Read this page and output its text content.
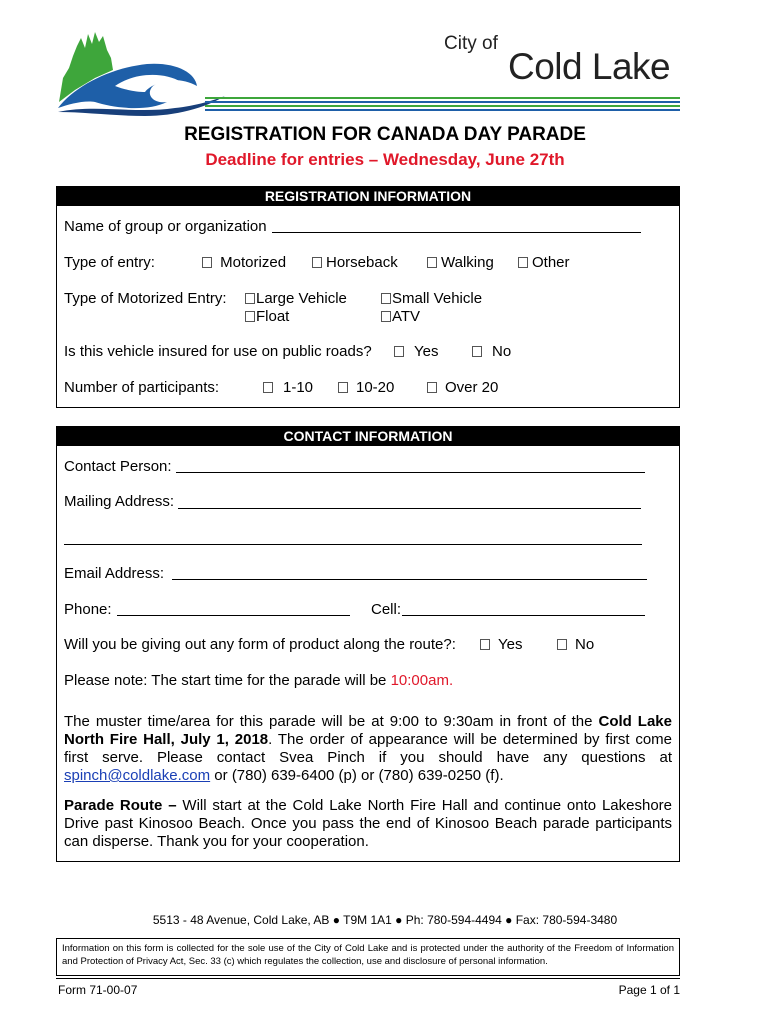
City of
Cold Lake
REGISTRATION FOR CANADA DAY PARADE
Deadline for entries – Wednesday, June 27th
REGISTRATION INFORMATION
Name of group or organization
Type of entry:	Motorized	Horseback	Walking	Other
Type of Motorized Entry:	Large Vehicle	Small Vehicle
Float	ATV
Is this vehicle insured for use on public roads?	Yes	No
Number of participants:	1-10	10-20	Over 20
CONTACT INFORMATION
Contact Person:
Mailing Address:
Email Address:
Phone:	Cell:
Will you be giving out any form of product along the route?:	Yes	No
Please note: The start time for the parade will be 10:00am.
The muster time/area for this parade will be at 9:00 to 9:30am in front of the Cold Lake North Fire Hall, July 1, 2018. The order of appearance will be determined by first come first serve. Please contact Svea Pinch if you should have any questions at spinch@coldlake.com or (780) 639-6400 (p) or (780) 639-0250 (f).
Parade Route – Will start at the Cold Lake North Fire Hall and continue onto Lakeshore Drive past Kinosoo Beach. Once you pass the end of Kinosoo Beach parade participants can disperse. Thank you for your cooperation.
5513 - 48 Avenue, Cold Lake, AB ● T9M 1A1 ● Ph: 780-594-4494 ● Fax: 780-594-3480
Information on this form is collected for the sole use of the City of Cold Lake and is protected under the authority of the Freedom of Information and Protection of Privacy Act, Sec. 33 (c) which regulates the collection, use and disclosure of personal information.
Form 71-00-07	Page 1 of 1
